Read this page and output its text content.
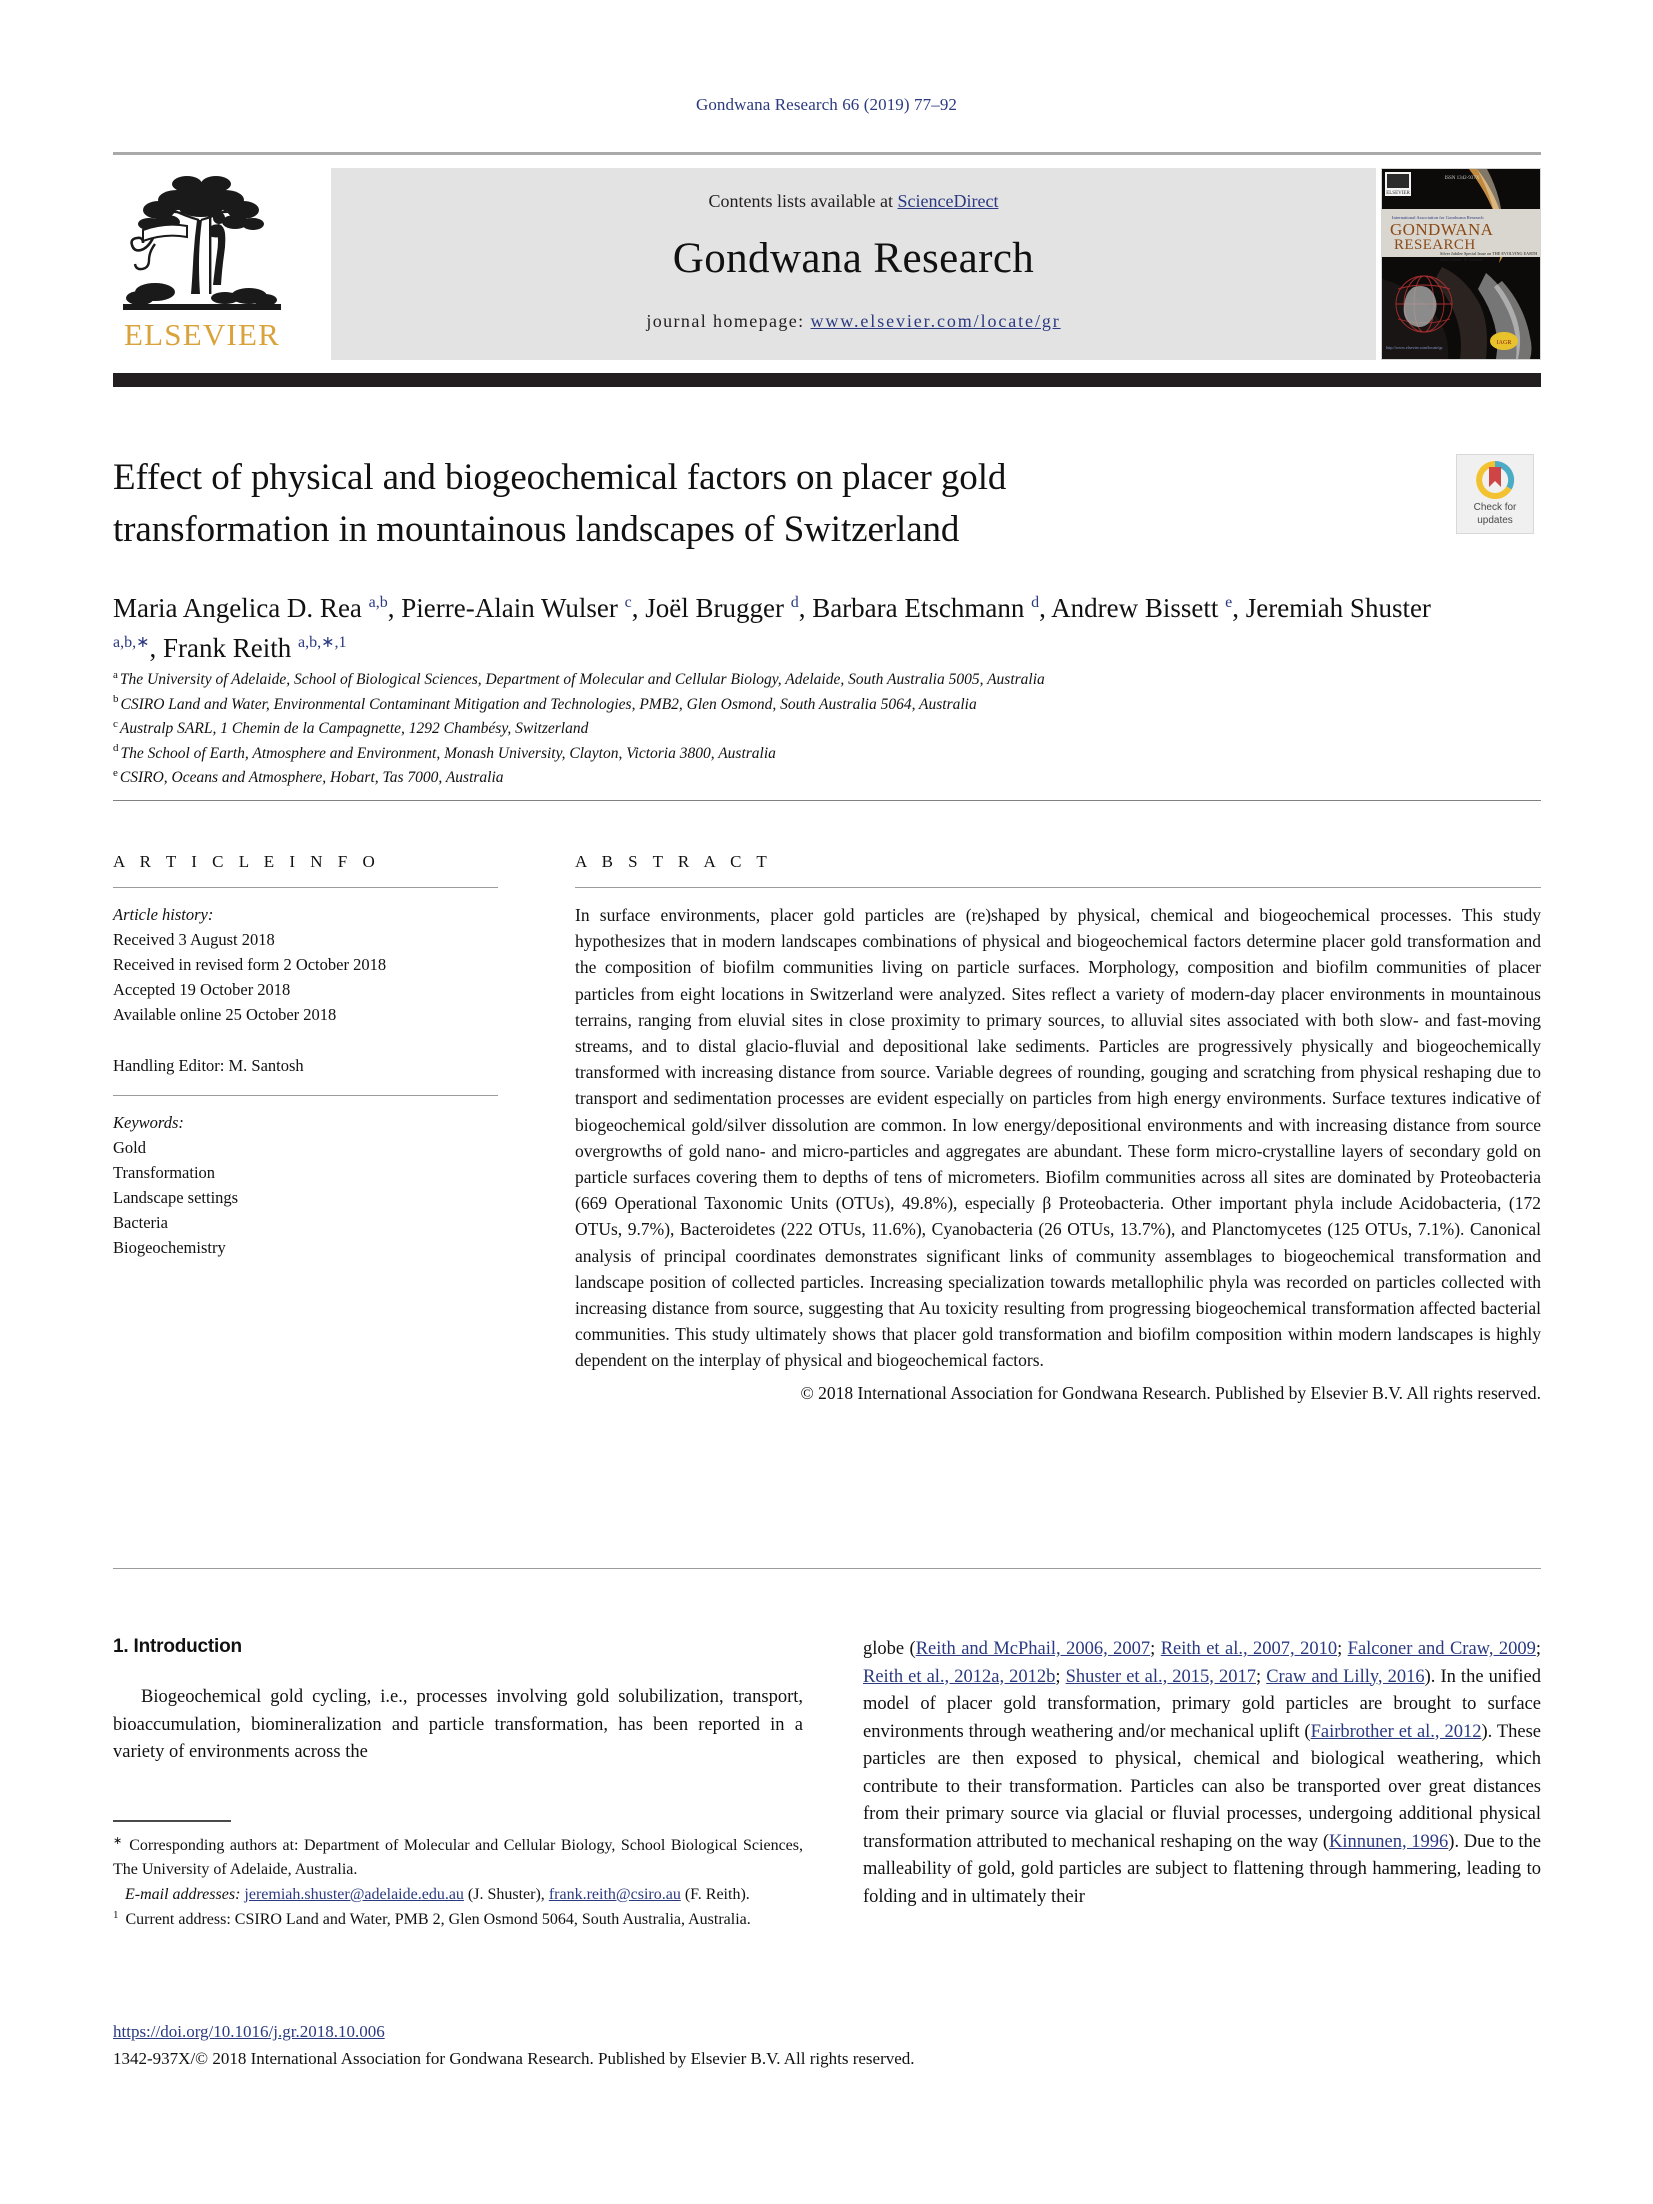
Gondwana Research 66 (2019) 77–92
ELSEVIER
Contents lists available at ScienceDirect
Gondwana Research
journal homepage: www.elsevier.com/locate/gr
ELSEVIER
ISSN 1342-937X
International Association for Gondwana Research
GONDWANA
RESEARCH
Silver Jubilee Special Issue on THE EVOLVING EARTH
Guest Editor: M. Santosh
IAGR
http://www.elsevier.com/locate/gr
Effect of physical and biogeochemical factors on placer gold transformation in mountainous landscapes of Switzerland
Maria Angelica D. Rea $^{a,b}$, Pierre-Alain Wulser $^c$, Joël Brugger $^d$, Barbara Etschmann $^d$, Andrew Bissett $^e$, Jeremiah Shuster $^{a,b,∗}$, Frank Reith $^{a,b,∗,1}$
Check for
updates
$^a$ The University of Adelaide, School of Biological Sciences, Department of Molecular and Cellular Biology, Adelaide, South Australia 5005, Australia
$^b$ CSIRO Land and Water, Environmental Contaminant Mitigation and Technologies, PMB2, Glen Osmond, South Australia 5064, Australia
$^c$ Australp SARL, 1 Chemin de la Campagnette, 1292 Chambésy, Switzerland
$^d$ The School of Earth, Atmosphere and Environment, Monash University, Clayton, Victoria 3800, Australia
$^e$ CSIRO, Oceans and Atmosphere, Hobart, Tas 7000, Australia
A R T I C L E I N F O
Article history:
Received 3 August 2018
Received in revised form 2 October 2018
Accepted 19 October 2018
Available online 25 October 2018
Handling Editor: M. Santosh
Keywords:
Gold
Transformation
Landscape settings
Bacteria
Biogeochemistry
A B S T R A C T

In surface environments, placer gold particles are (re)shaped by physical, chemical and biogeochemical processes. This study hypothesizes that in modern landscapes combinations of physical and biogeochemical factors determine placer gold transformation and the composition of biofilm communities living on particle surfaces. Morphology, composition and biofilm communities of placer particles from eight locations in Switzerland were analyzed. Sites reflect a variety of modern-day placer environments in mountainous terrains, ranging from eluvial sites in close proximity to primary sources, to alluvial sites associated with both slow- and fast-moving streams, and to distal glacio-fluvial and depositional lake sediments. Particles are progressively physically and biogeochemically transformed with increasing distance from source. Variable degrees of rounding, gouging and scratching from physical reshaping due to transport and sedimentation processes are evident especially on particles from high energy environments. Surface textures indicative of biogeochemical gold/silver dissolution are common. In low energy/depositional environments and with increasing distance from source overgrowths of gold nano- and micro-particles and aggregates are abundant. These form micro-crystalline layers of secondary gold on particle surfaces covering them to depths of tens of micrometers. Biofilm communities across all sites are dominated by Proteobacteria (669 Operational Taxonomic Units (OTUs), 49.8%), especially β Proteobacteria. Other important phyla include Acidobacteria, (172 OTUs, 9.7%), Bacteroidetes (222 OTUs, 11.6%), Cyanobacteria (26 OTUs, 13.7%), and Planctomycetes (125 OTUs, 7.1%). Canonical analysis of principal coordinates demonstrates significant links of community assemblages to biogeochemical transformation and landscape position of collected particles. Increasing specialization towards metallophilic phyla was recorded on particles collected with increasing distance from source, suggesting that Au toxicity resulting from progressing biogeochemical transformation affected bacterial communities. This study ultimately shows that placer gold transformation and biofilm composition within modern landscapes is highly dependent on the interplay of physical and biogeochemical factors.

© 2018 International Association for Gondwana Research. Published by Elsevier B.V. All rights reserved.

1. Introduction

Biogeochemical gold cycling, i.e., processes involving gold solubilization, transport, bioaccumulation, biomineralization and particle transformation, has been reported in a variety of environments across the

globe (Reith and McPhail, 2006, 2007; Reith et al., 2007, 2010; Falconer and Craw, 2009; Reith et al., 2012a, 2012b; Shuster et al., 2015, 2017; Craw and Lilly, 2016). In the unified model of placer gold transformation, primary gold particles are brought to surface environments through weathering and/or mechanical uplift (Fairbrother et al., 2012). These particles are then exposed to physical, chemical and biological weathering, which contribute to their transformation. Particles can also be transported over great distances from their primary source via glacial or fluvial processes, undergoing additional physical transformation attributed to mechanical reshaping on the way (Kinnunen, 1996). Due to the malleability of gold, gold particles are subject to flattening through hammering, leading to folding and in ultimately their

∗ Corresponding authors at: Department of Molecular and Cellular Biology, School Biological Sciences, The University of Adelaide, Australia.

E-mail addresses: jeremiah.shuster@adelaide.edu.au (J. Shuster), frank.reith@csiro.au (F. Reith).

$^1$ Current address: CSIRO Land and Water, PMB 2, Glen Osmond 5064, South Australia, Australia.

https://doi.org/10.1016/j.gr.2018.10.006
1342-937X/© 2018 International Association for Gondwana Research. Published by Elsevier B.V. All rights reserved.
